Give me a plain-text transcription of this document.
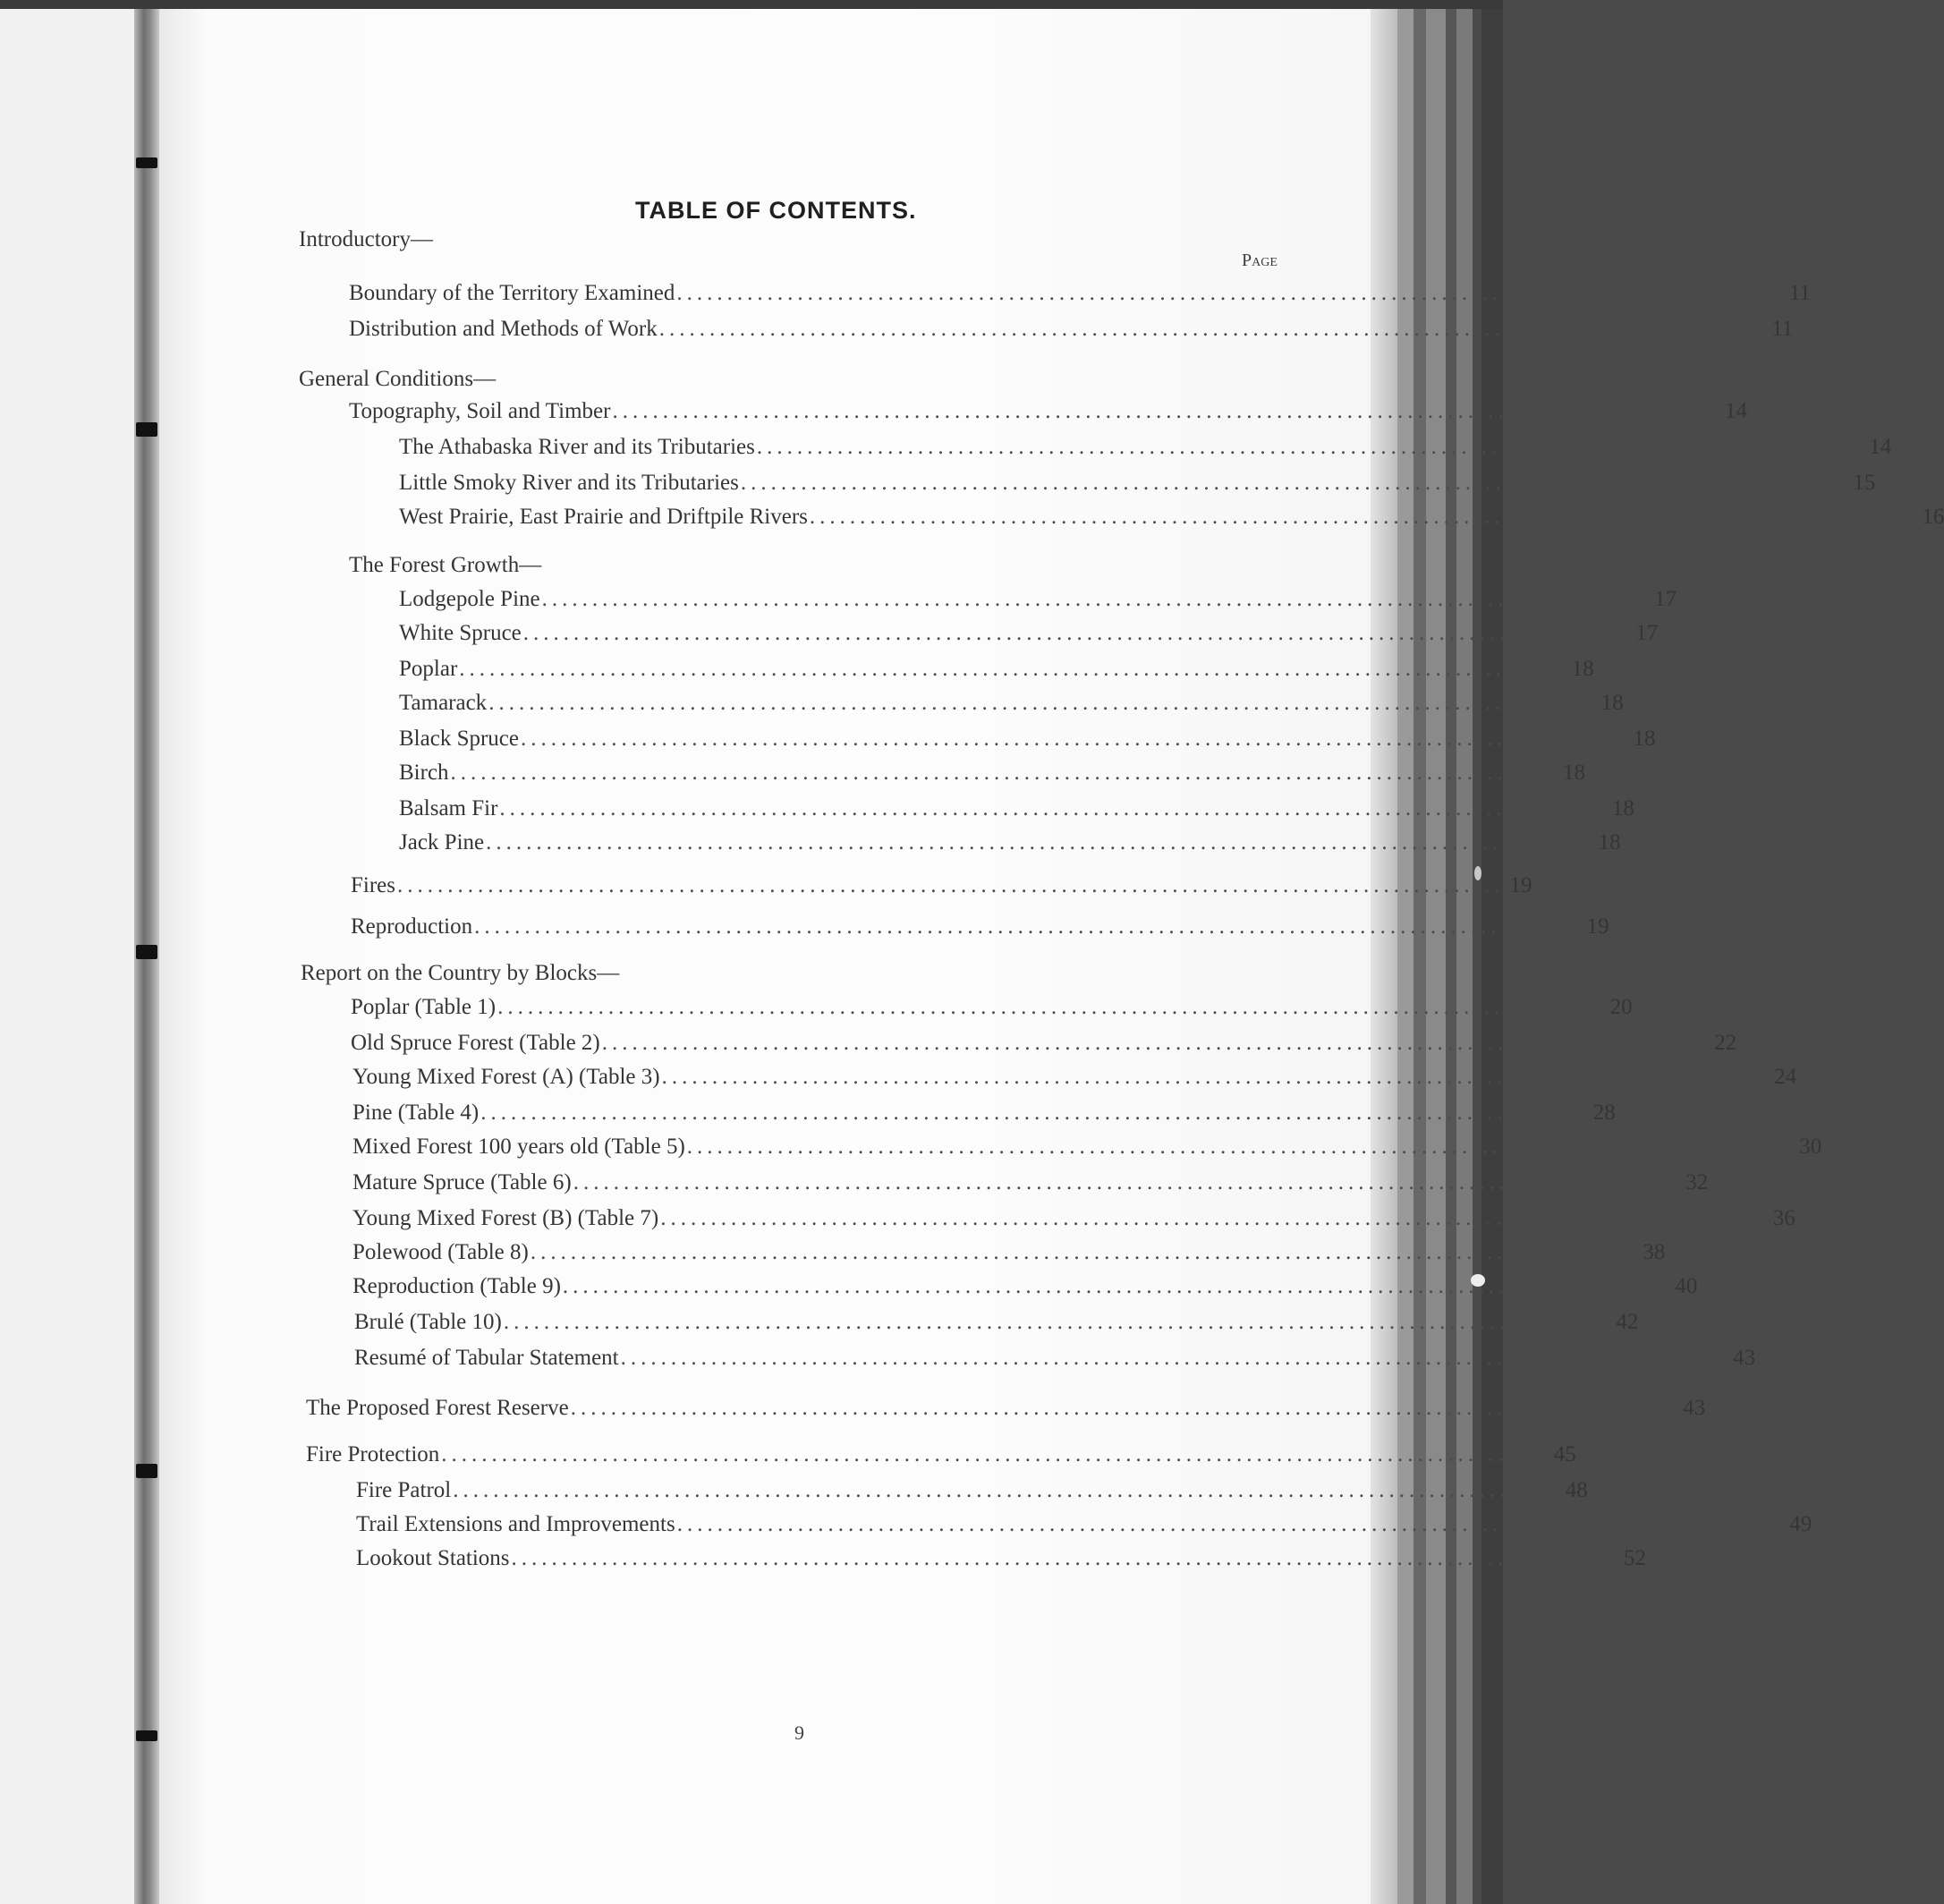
TABLE OF CONTENTS.
Page
Introductory—
Boundary of the Territory Examined .............................................................................................................. 11
Distribution and Methods of Work .............................................................................................................. 11
General Conditions—
Topography, Soil and Timber .............................................................................................................. 14
The Athabaska River and its Tributaries .............................................................................................................. 14
Little Smoky River and its Tributaries .............................................................................................................. 15
West Prairie, East Prairie and Driftpile Rivers .............................................................................................................. 16
The Forest Growth—
Lodgepole Pine .............................................................................................................. 17
White Spruce .............................................................................................................. 17
Poplar .............................................................................................................. 18
Tamarack .............................................................................................................. 18
Black Spruce .............................................................................................................. 18
Birch .............................................................................................................. 18
Balsam Fir .............................................................................................................. 18
Jack Pine .............................................................................................................. 18
Fires .............................................................................................................. 19
Reproduction .............................................................................................................. 19
Report on the Country by Blocks—
Poplar (Table 1) .............................................................................................................. 20
Old Spruce Forest (Table 2) .............................................................................................................. 22
Young Mixed Forest (A) (Table 3) .............................................................................................................. 24
Pine (Table 4) .............................................................................................................. 28
Mixed Forest 100 years old (Table 5) .............................................................................................................. 30
Mature Spruce (Table 6) .............................................................................................................. 32
Young Mixed Forest (B) (Table 7) .............................................................................................................. 36
Polewood (Table 8) .............................................................................................................. 38
Reproduction (Table 9) .............................................................................................................. 40
Brulé (Table 10) .............................................................................................................. 42
Resumé of Tabular Statement .............................................................................................................. 43
The Proposed Forest Reserve .............................................................................................................. 43
Fire Protection .............................................................................................................. 45
Fire Patrol .............................................................................................................. 48
Trail Extensions and Improvements .............................................................................................................. 49
Lookout Stations .............................................................................................................. 52
9
